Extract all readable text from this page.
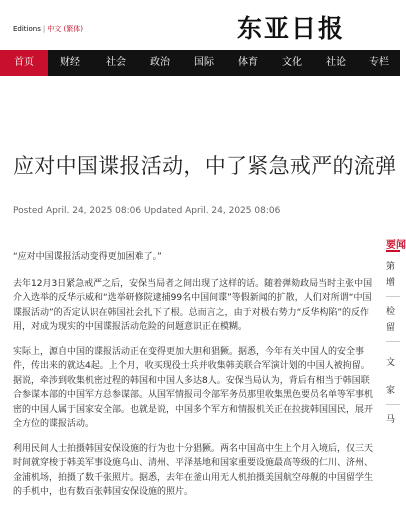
Editions | 中文 (繁体)	东亚日报
首页	财经	社会 政治 国际 体育 文化 社论 专栏
应对中国谍报活动，中了紧急戒严的流弹
Posted April. 24, 2025 08:06 Updated April. 24, 2025 08:06

“应对中国谍报活动变得更加困难了。”

去年12月3日紧急戒严之后，安保当局者之间出现了这样的话。随着弹劾政局当时主张中国介入选举的反华示威和“选举研修院逮捕99名中国间谍”等假新闻的扩散，人们对所谓“中国谍报活动”的否定认识在韩国社会扎下了根。总而言之，由于对极右势力“反华构陷”的反作用，对成为现实的中国谍报活动危险的问题意识正在模糊。

实际上，源自中国的谍报活动正在变得更加大胆和猖獗。据悉，今年有关中国人的安全事件，传出来的就达4起。上个月，收买现役士兵并收集韩美联合军演计划的中国人被拘留。据说，牵涉到收集机密过程的韩国和中国人多达8人。安保当局认为，背后有相当于韩国联合参谋本部的中国军方总参谋部。从国军情报司令部军务员那里收集黑色要员名单等军事机密的中国人属于国家安全部。也就是说，中国多个军方和情报机关正在拉拢韩国国民，展开全方位的谍报活动。

利用民间人士拍摄韩国安保设施的行为也十分猖獗。两名中国高中生上个月入境后，仅三天时间就穿梭于韩美军事设施乌山、清州、平泽基地和国家重要设施最高等级的仁川、济州、金浦机场，拍摄了数千张照片。据悉，去年在釜山用无人机拍摄美国航空母舰的中国留学生的手机中，也有数百张韩国安保设施的照片。

要闻
第
增
检
留
文
家
马
